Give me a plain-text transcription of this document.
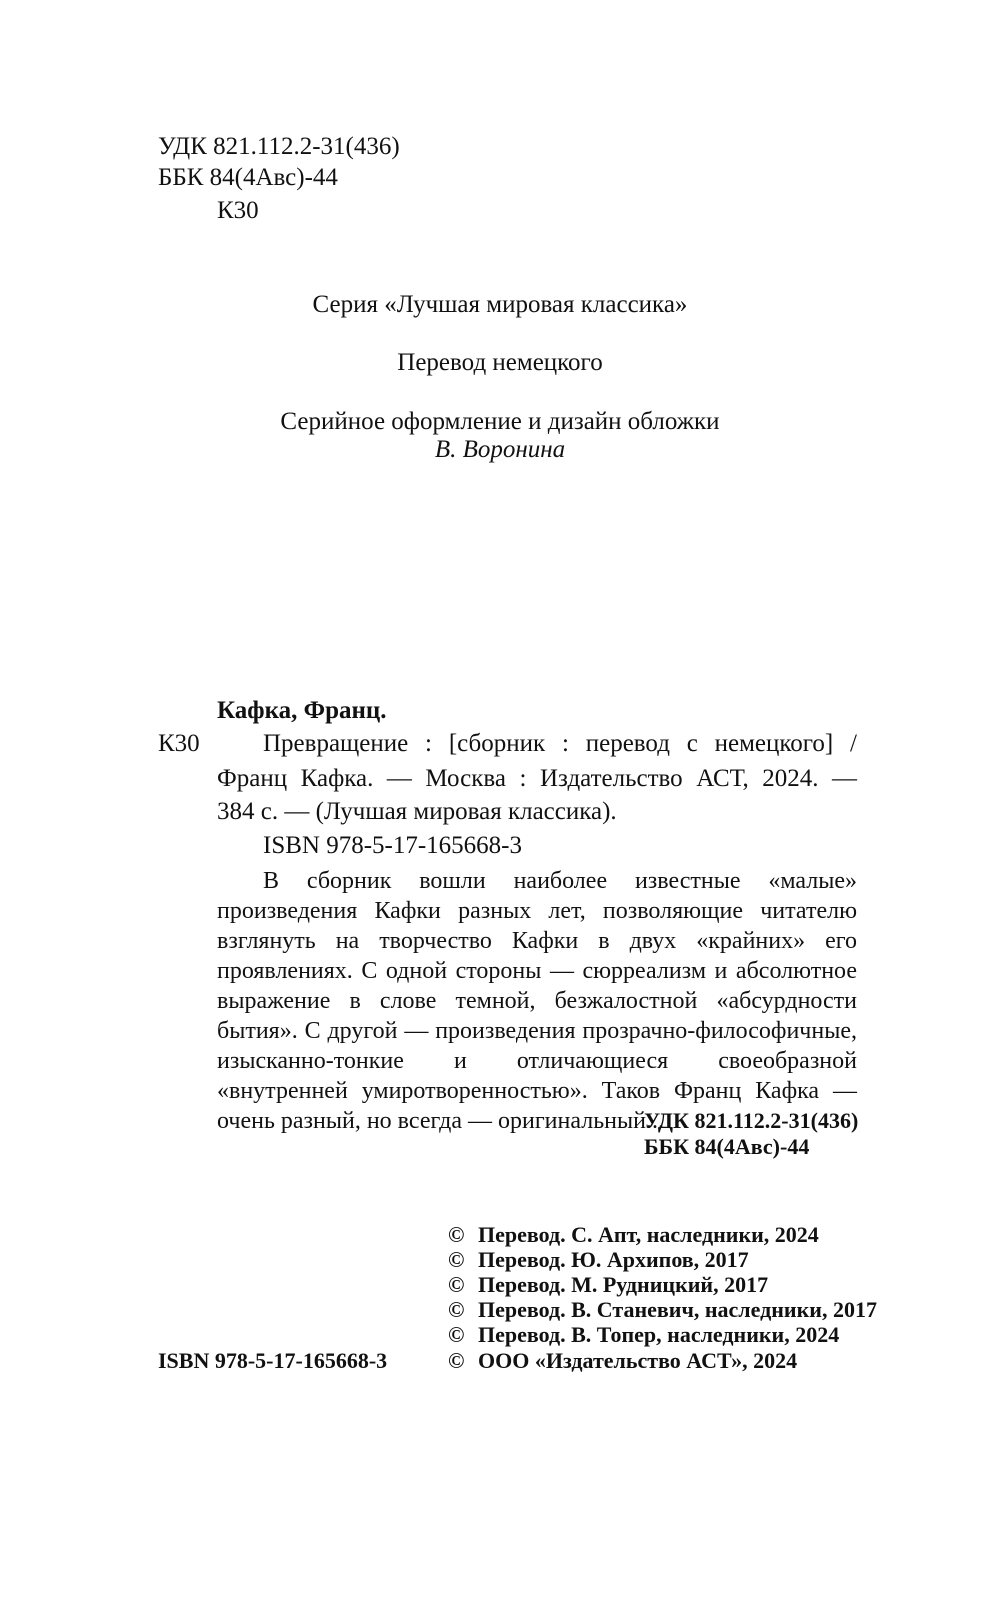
УДК 821.112.2-31(436)

ББК 84(4Авс)-44

К30

Серия «Лучшая мировая классика»

Перевод немецкого

Серийное оформление и дизайн обложки

В. Воронина

Кафка, Франц.

К30	Превращение : [сборник : перевод с немецкого] /

Франц Кафка. — Москва : Издательство АСТ, 2024. —

384 с. — (Лучшая мировая классика).

ISBN 978-5-17-165668-3

В сборник вошли наиболее известные «малые» произведения Кафки разных лет, позволяющие читателю взглянуть на творчество Кафки в двух «крайних» его проявлениях. С одной стороны — сюрреализм и абсолютное выражение в слове темной, безжалостной «абсурдности бытия». С другой — произведения прозрачно-философичные, изысканно-тонкие и отличающиеся своеобразной «внутренней умиротворенностью». Таков Франц Кафка — очень разный, но всегда — оригинальный...

УДК 821.112.2-31(436)

ББК 84(4Авс)-44

© Перевод. С. Апт, наследники, 2024

© Перевод. Ю. Архипов, 2017

© Перевод. М. Рудницкий, 2017

© Перевод. В. Станевич, наследники, 2017

© Перевод. В. Топер, наследники, 2024

© ООО «Издательство АСТ», 2024

ISBN 978-5-17-165668-3
